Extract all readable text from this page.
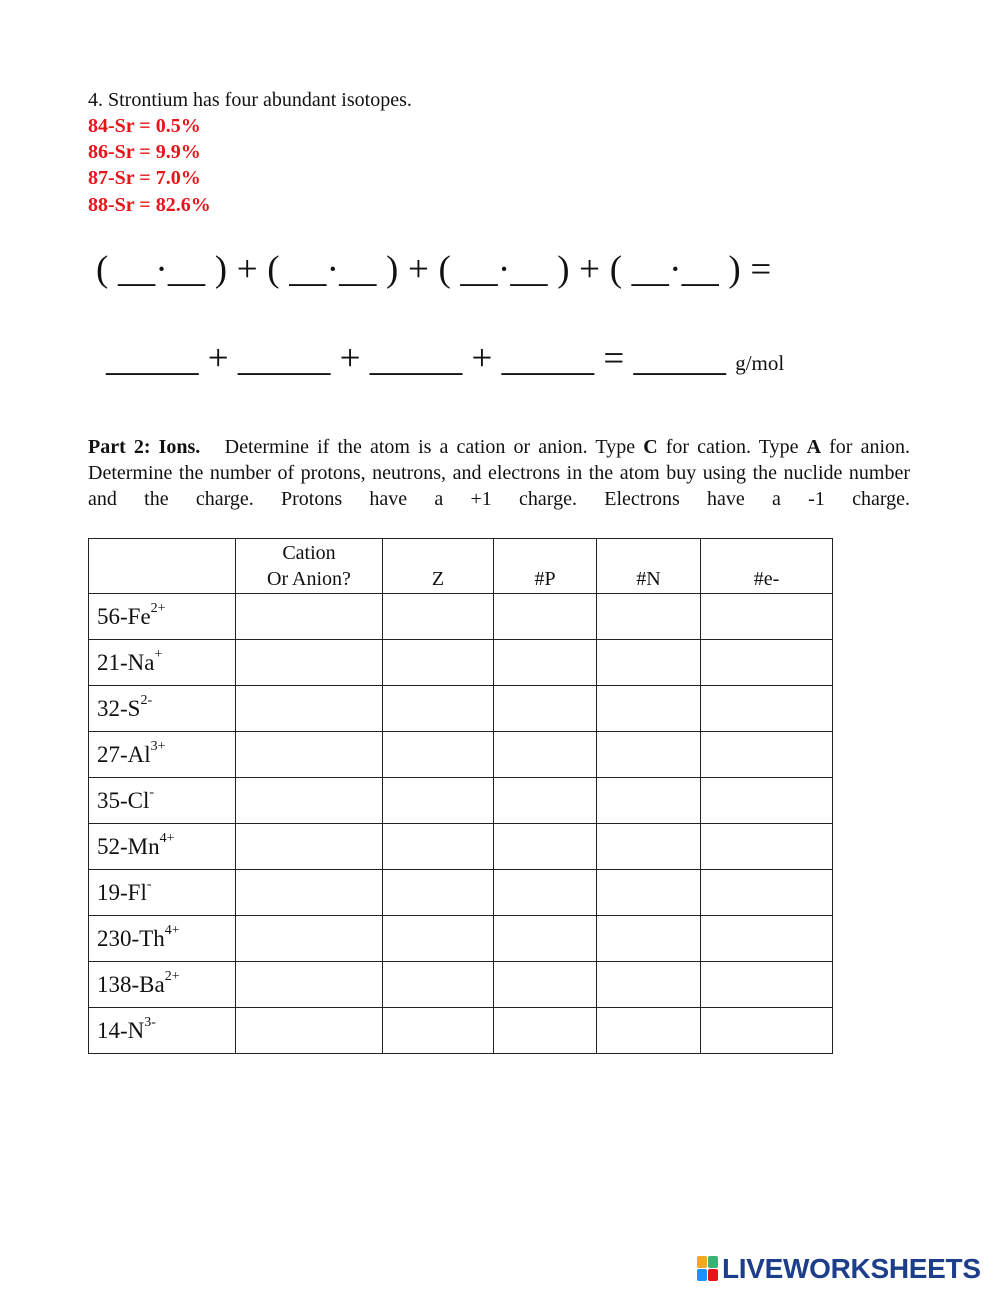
4. Strontium has four abundant isotopes.
84-Sr = 0.5%
86-Sr = 9.9%
87-Sr = 7.0%
88-Sr = 82.6%
( __·__ ) + ( __·__ ) + ( __·__ ) + ( __·__ ) =
_____ + _____ + _____ + _____ = _____ g/mol
Part 2: Ions. Determine if the atom is a cation or anion. Type C for cation. Type A for anion. Determine the number of protons, neutrons, and electrons in the atom buy using the nuclide number and the charge. Protons have a +1 charge. Electrons have a -1 charge.
	Cation
Or Anion?	Z	#P	#N	#e-
$56-Fe^{2+}$					
21-Na+					
$32-S^{2-}$					
$27-Al^{3+}$					
35-Cl-					
$52-Mn^{4+}$					
19-Fl-					
$230-Th^{4+}$					
$138-Ba^{2+}$					
$14-N^{3-}$					
LIVEWORKSHEETS
